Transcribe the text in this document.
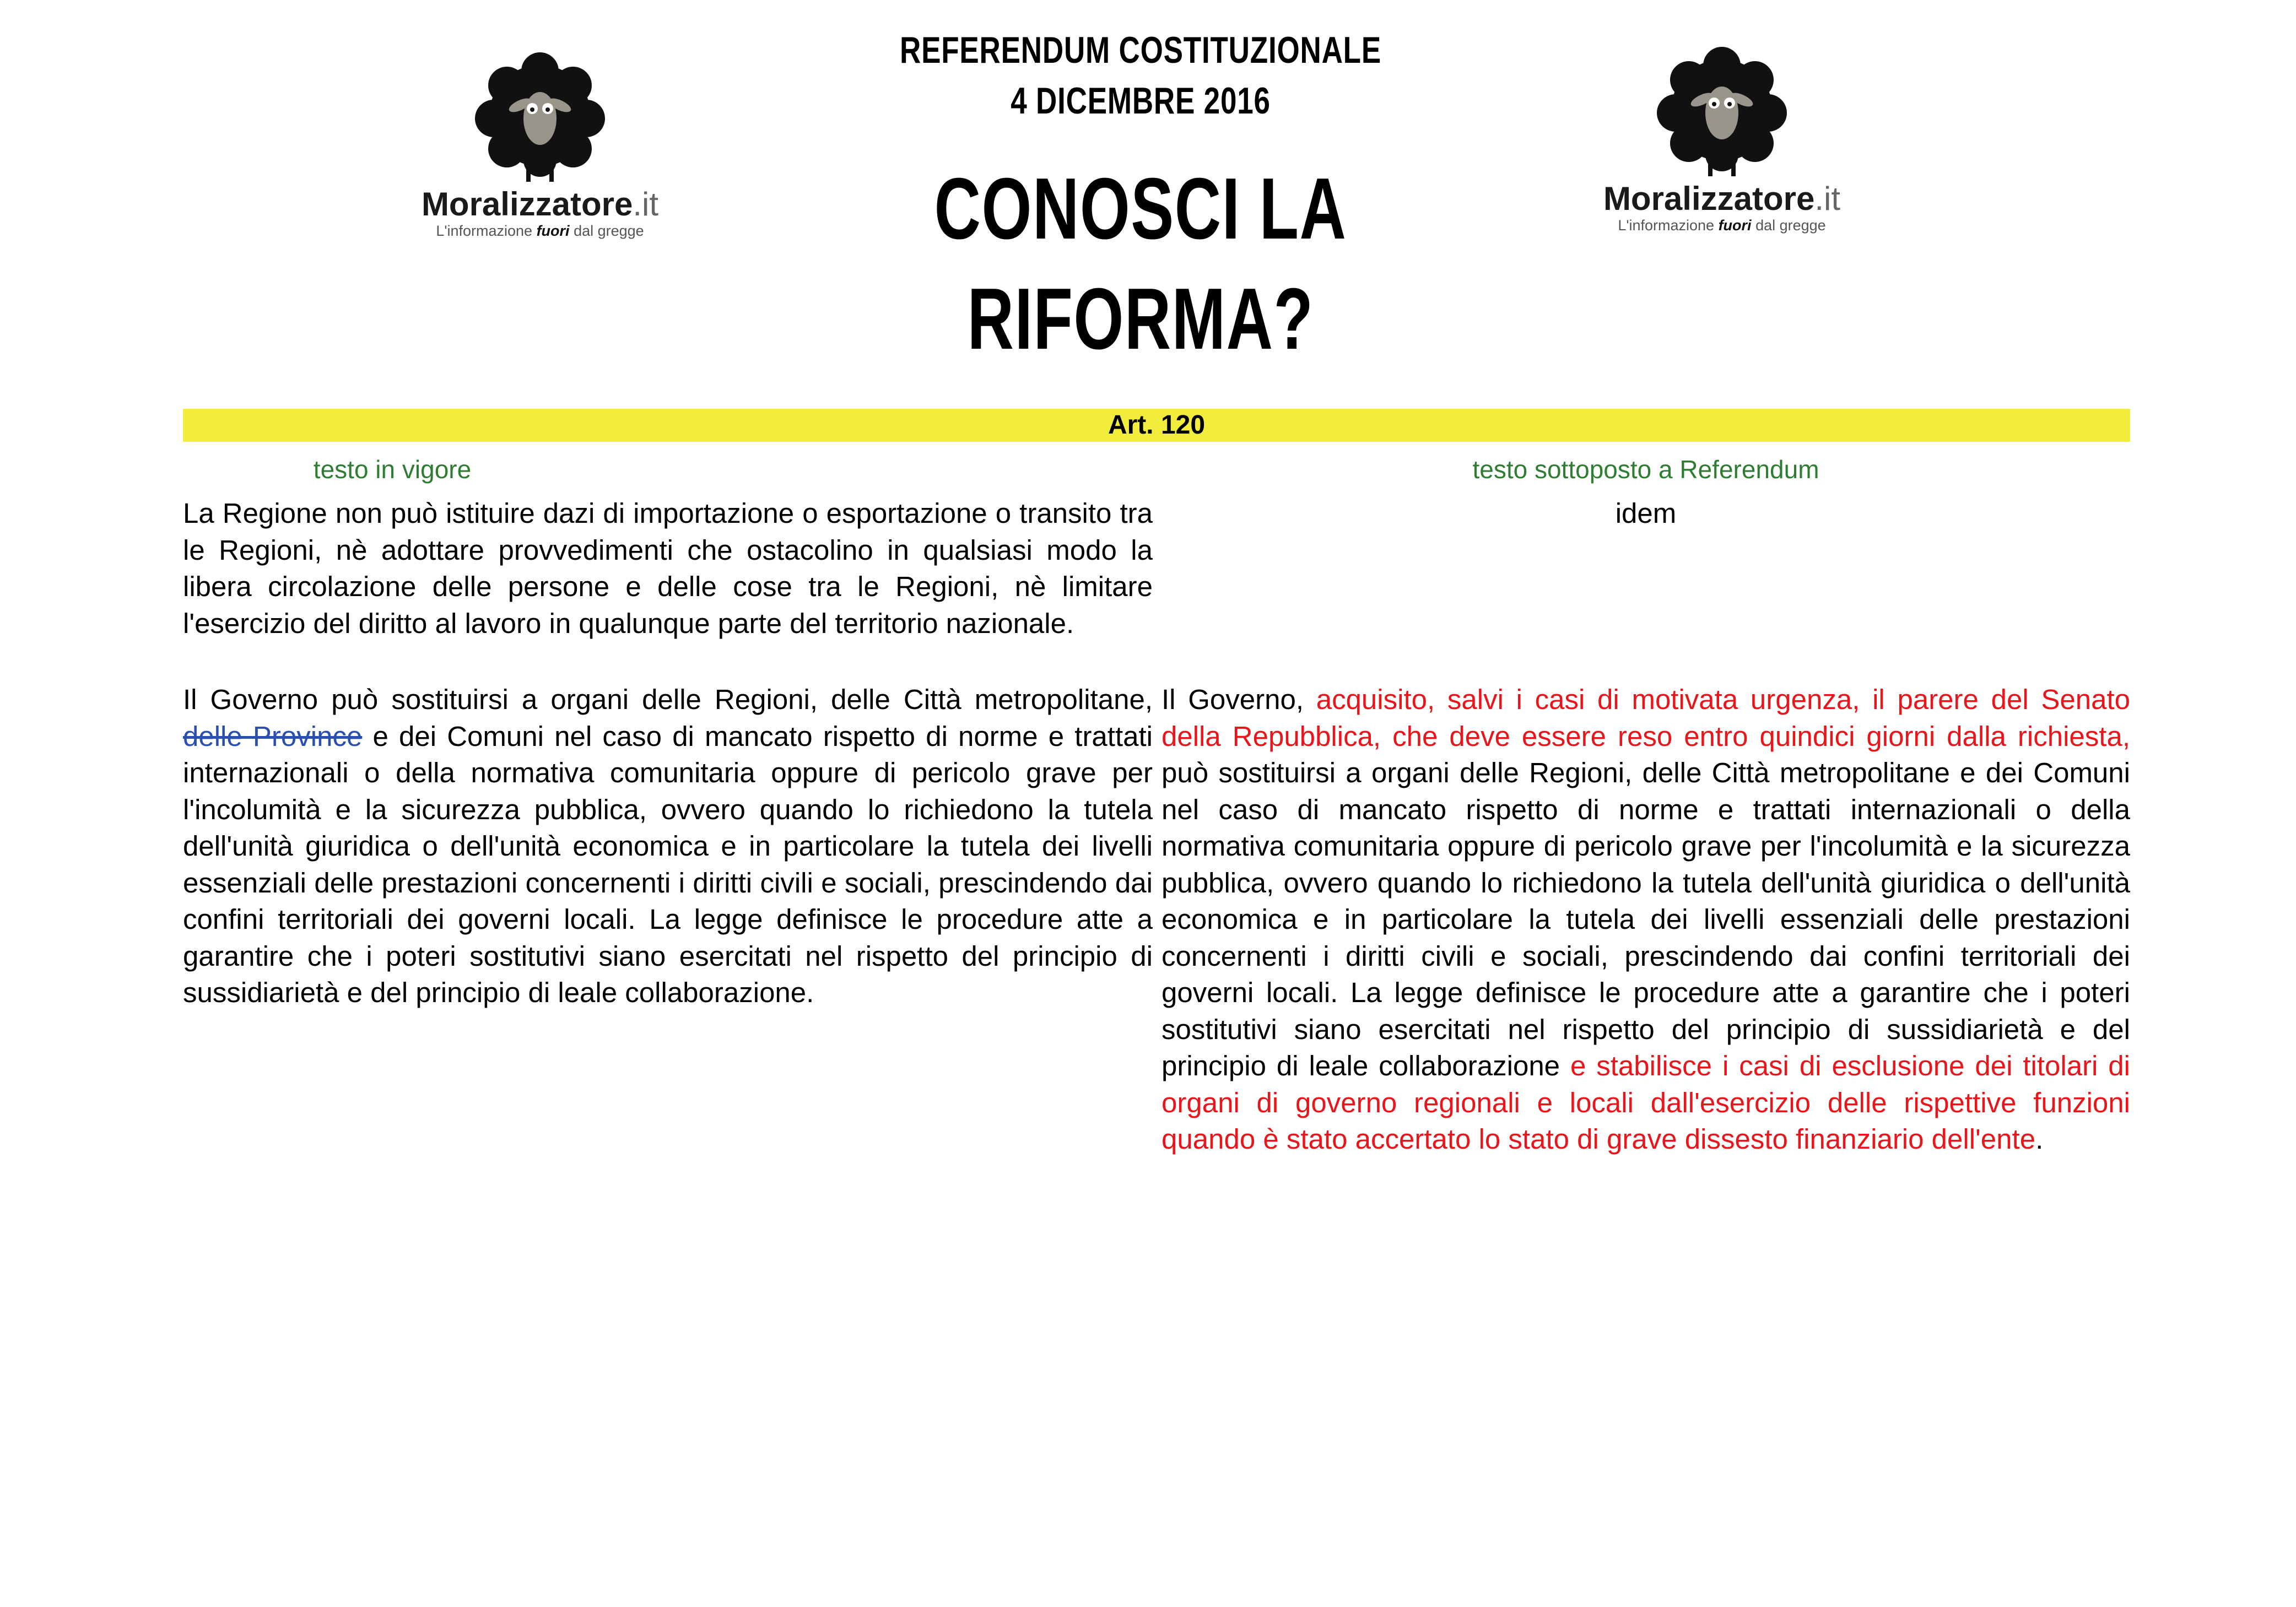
Moralizzatore.it
L'informazione fuori dal gregge
Moralizzatore.it
L'informazione fuori dal gregge
REFERENDUM COSTITUZIONALE
4 DICEMBRE 2016
CONOSCI LA RIFORMA?
Art. 120
testo in vigore	testo sottoposto a Referendum

La Regione non può istituire dazi di importazione o esportazione o transito tra le Regioni, nè adottare provvedimenti che ostacolino in qualsiasi modo la libera circolazione delle persone e delle cose tra le Regioni, nè limitare l'esercizio del diritto al lavoro in qualunque parte del territorio nazionale.

Il Governo può sostituirsi a organi delle Regioni, delle Città metropolitane, delle Province e dei Comuni nel caso di mancato rispetto di norme e trattati internazionali o della normativa comunitaria oppure di pericolo grave per l'incolumità e la sicurezza pubblica, ovvero quando lo richiedono la tutela dell'unità giuridica o dell'unità economica e in particolare la tutela dei livelli essenziali delle prestazioni concernenti i diritti civili e sociali, prescindendo dai confini territoriali dei governi locali. La legge definisce le procedure atte a garantire che i poteri sostitutivi siano esercitati nel rispetto del principio di sussidiarietà e del principio di leale collaborazione.

idem

Il Governo, acquisito, salvi i casi di motivata urgenza, il parere del Senato della Repubblica, che deve essere reso entro quindici giorni dalla richiesta, può sostituirsi a organi delle Regioni, delle Città metropolitane e dei Comuni nel caso di mancato rispetto di norme e trattati internazionali o della normativa comunitaria oppure di pericolo grave per l'incolumità e la sicurezza pubblica, ovvero quando lo richiedono la tutela dell'unità giuridica o dell'unità economica e in particolare la tutela dei livelli essenziali delle prestazioni concernenti i diritti civili e sociali, prescindendo dai confini territoriali dei governi locali. La legge definisce le procedure atte a garantire che i poteri sostitutivi siano esercitati nel rispetto del principio di sussidiarietà e del principio di leale collaborazione e stabilisce i casi di esclusione dei titolari di organi di governo regionali e locali dall'esercizio delle rispettive funzioni quando è stato accertato lo stato di grave dissesto finanziario dell'ente.
